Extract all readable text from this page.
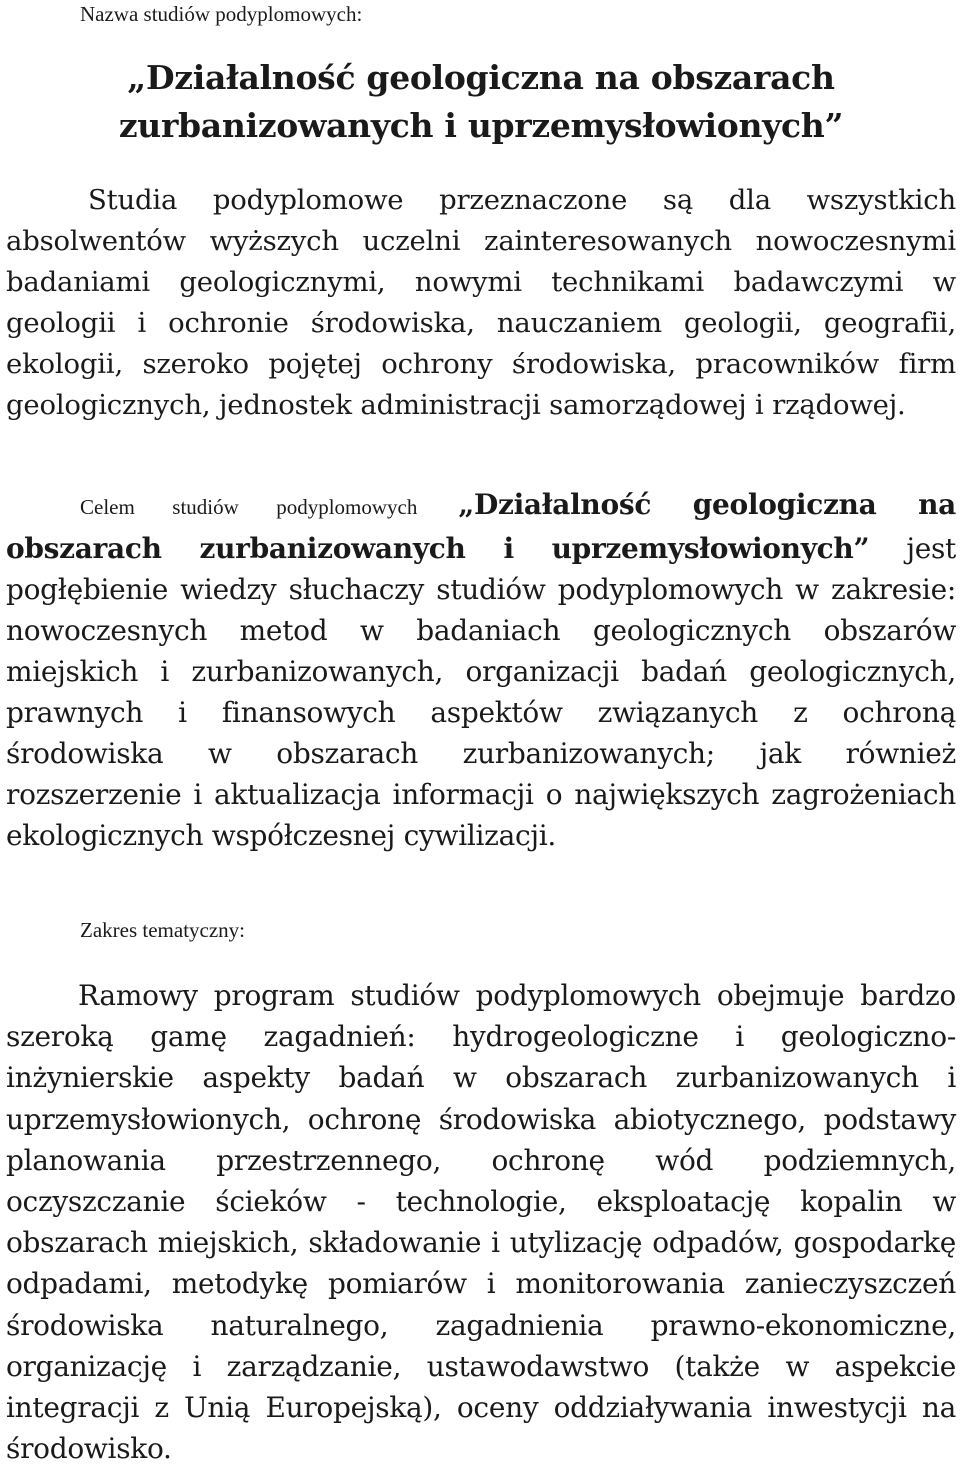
Nazwa studiów podyplomowych:

„Działalność geologiczna na obszarach zurbanizowanych i uprzemysłowionych”

Studia podyplomowe przeznaczone są dla wszystkich absolwentów wyższych uczelni zainteresowanych nowoczesnymi badaniami geologicznymi, nowymi technikami badawczymi w geologii i ochronie środowiska, nauczaniem geologii, geografii, ekologii, szeroko pojętej ochrony środowiska, pracowników firm geologicznych, jednostek administracji samorządowej i rządowej.

Celem studiów podyplomowych „Działalność geologiczna na obszarach zurbanizowanych i uprzemysłowionych” jest pogłębienie wiedzy słuchaczy studiów podyplomowych w zakresie: nowoczesnych metod w badaniach geologicznych obszarów miejskich i zurbanizowanych, organizacji badań geologicznych, prawnych i finansowych aspektów związanych z ochroną środowiska w obszarach zurbanizowanych; jak również rozszerzenie i aktualizacja informacji o największych zagrożeniach ekologicznych współczesnej cywilizacji.

Zakres tematyczny:

Ramowy program studiów podyplomowych obejmuje bardzo szeroką gamę zagadnień: hydrogeologiczne i geologiczno-inżynierskie aspekty badań w obszarach zurbanizowanych i uprzemysłowionych, ochronę środowiska abiotycznego, podstawy planowania przestrzennego, ochronę wód podziemnych, oczyszczanie ścieków - technologie, eksploatację kopalin w obszarach miejskich, składowanie i utylizację odpadów, gospodarkę odpadami, metodykę pomiarów i monitorowania zanieczyszczeń środowiska naturalnego, zagadnienia prawno-ekonomiczne, organizację i zarządzanie, ustawodawstwo (także w aspekcie integracji z Unią Europejską), oceny oddziaływania inwestycji na środowisko.
